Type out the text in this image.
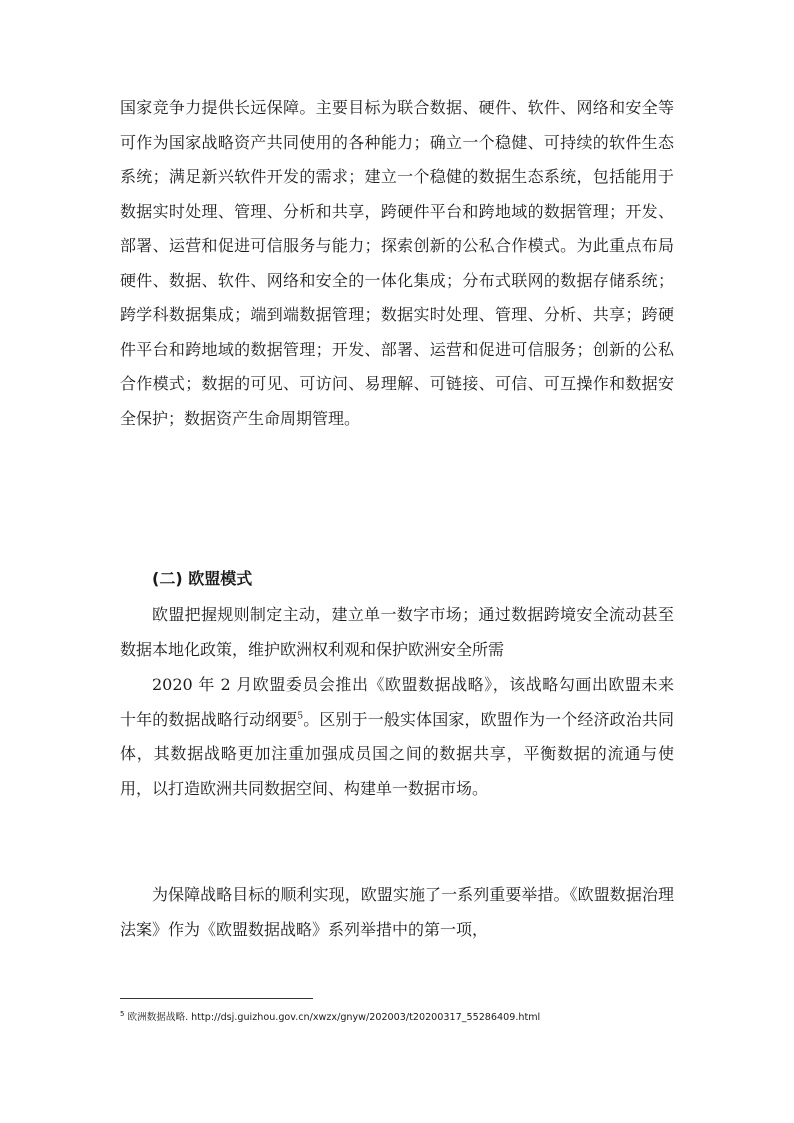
国家竞争力提供长远保障。主要目标为联合数据、硬件、软件、网络和安全等可作为国家战略资产共同使用的各种能力；确立一个稳健、可持续的软件生态系统；满足新兴软件开发的需求；建立一个稳健的数据生态系统，包括能用于数据实时处理、管理、分析和共享，跨硬件平台和跨地域的数据管理；开发、部署、运营和促进可信服务与能力；探索创新的公私合作模式。为此重点布局硬件、数据、软件、网络和安全的一体化集成；分布式联网的数据存储系统；跨学科数据集成；端到端数据管理；数据实时处理、管理、分析、共享；跨硬件平台和跨地域的数据管理；开发、部署、运营和促进可信服务；创新的公私合作模式；数据的可见、可访问、易理解、可链接、可信、可互操作和数据安全保护；数据资产生命周期管理。

(二) 欧盟模式

欧盟把握规则制定主动，建立单一数字市场；通过数据跨境安全流动甚至数据本地化政策，维护欧洲权利观和保护欧洲安全所需

2020 年 2 月欧盟委员会推出《欧盟数据战略》，该战略勾画出欧盟未来十年的数据战略行动纲要$^5$。区别于一般实体国家，欧盟作为一个经济政治共同体，其数据战略更加注重加强成员国之间的数据共享，平衡数据的流通与使用，以打造欧洲共同数据空间、构建单一数据市场。

为保障战略目标的顺利实现，欧盟实施了一系列重要举措。《欧盟数据治理法案》作为《欧盟数据战略》系列举措中的第一项，

$^5$ 欧洲数据战略. http://dsj.guizhou.gov.cn/xwzx/gnyw/202003/t20200317_55286409.html
